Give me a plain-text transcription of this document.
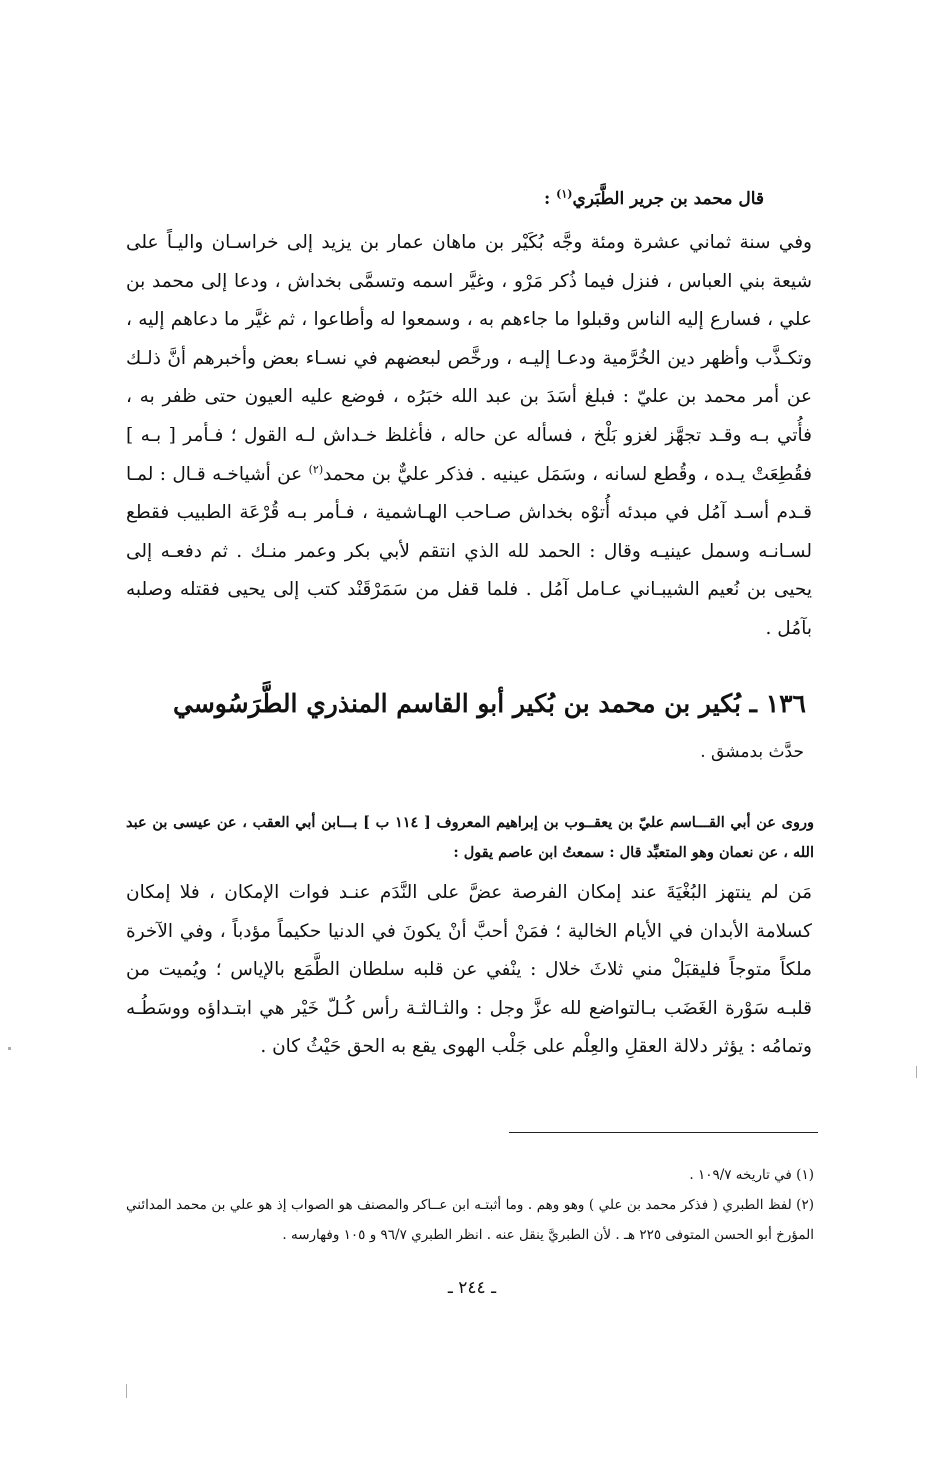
قال محمد بن جرير الطَّبَري$^{(١)}$ :

وفي سنة ثماني عشرة ومئة وجَّه بُكَيْر بن ماهان عمار بن يزيد إلى خراسـان واليـاً على شيعة بني العباس ، فنزل فيما ذُكر مَرْو ، وغيَّر اسمه وتسمَّى بخداش ، ودعا إلى محمد بن علي ، فسارع إليه الناس وقبلوا ما جاءهم به ، وسمعوا له وأطاعوا ، ثم غيَّر ما دعاهم إليه ، وتكـذَّب وأظهر دين الخُرَّمية ودعـا إليـه ، ورخَّص لبعضهم في نسـاء بعض وأخبرهم أنَّ ذلـك عن أمر محمد بن عليّ : فبلغ أسَدَ بن عبد الله خبَرُه ، فوضع عليه العيون حتى ظفر به ، فأُتي بـه وقـد تجهَّز لغزو بَلْخ ، فسأله عن حاله ، فأغلظ خـداش لـه القول ؛ فـأمر [ بـه ] فقُطِعَتْ يـده ، وقُطع لسانه ، وسَمَل عينيه . فذكر عليٌّ بن محمد$^{(٢)}$ عن أشياخـه قـال : لمـا قـدم أسـد آمُل في مبدئه أُتوْه بخداش صـاحب الهـاشمية ، فـأمر بـه قُرْعَة الطبيب فقطع لسـانـه وسمل عينيـه وقال : الحمد لله الذي انتقم لأبي بكر وعمر منـك . ثم دفعـه إلى يحيى بن نُعيم الشيبـاني عـامل آمُل . فلما قفل من سَمَرْقَنْد كتب إلى يحيى فقتله وصلبه بآمُل .

١٣٦ ـ بُكير بن محمد بن بُكير أبو القاسم المنذري الطَّرَسُوسي
حدَّث بدمشق .
وروى عن أبي القـــاسم عليّ بن يعقــوب بن إبراهيم المعروف [ ١١٤ ب ] بـــابن أبي العقب ، عن عيسى بن عبد الله ، عن نعمان وهو المتعبِّد قال : سمعتُ ابن عاصم يقول :

مَن لم ينتهز البُغْيَةَ عند إمكان الفرصة عضَّ على النَّدَم عنـد فوات الإمكان ، فلا إمكان كسلامة الأبدان في الأيام الخالية ؛ فمَنْ أحبَّ أنْ يكونَ في الدنيا حكيماً مؤدباً ، وفي الآخرة ملكاً متوجاً فليقبَلْ مني ثلاثَ خلال : ينْفي عن قلبه سلطان الطَّمَع بالإياس ؛ ويُميت من قلبـه سَوْرة الغَضَب بـالتواضع لله عزَّ وجل : والثـالثـة رأس كُـلّ خَيْر هي ابتـداؤه ووسَطُـه وتمامُه : يؤثر دلالة العقلِ والعِلْم على جَلْب الهوى يقع به الحق حَيْثُ كان .

(١) في تاريخه ١٠٩/٧ .

(٢) لفظ الطبري ( فذكر محمد بن علي ) وهو وهم . وما أثبتـه ابن عــاكر والمصنف هو الصواب إذ هو علي بن محمد المدائني المؤرخ أبو الحسن المتوفى ٢٢٥ هـ . لأن الطبريَّ ينقل عنه . انظر الطبري ٩٦/٧ و ١٠٥ وفهارسه .

ـ ٢٤٤ ـ
